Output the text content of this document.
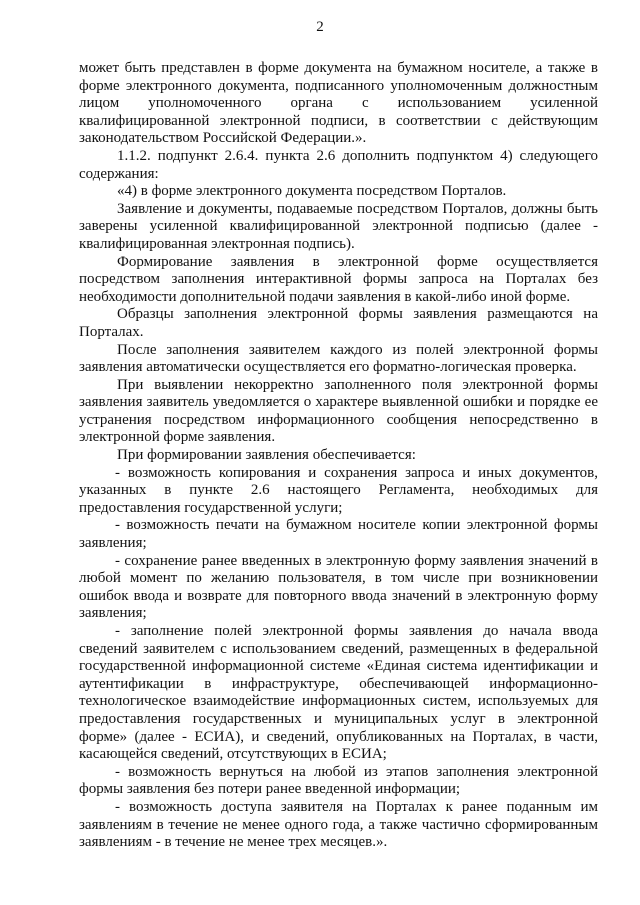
2

может быть представлен в форме документа на бумажном носителе, а также в форме электронного документа, подписанного уполномоченным должностным лицом уполномоченного органа с использованием усиленной квалифицированной электронной подписи, в соответствии с действующим законодательством Российской Федерации.».

1.1.2. подпункт 2.6.4. пункта 2.6 дополнить подпунктом 4) следующего содержания:

«4) в форме электронного документа посредством Порталов.

Заявление и документы, подаваемые посредством Порталов, должны быть заверены усиленной квалифицированной электронной подписью (далее - квалифицированная электронная подпись).

Формирование заявления в электронной форме осуществляется посредством заполнения интерактивной формы запроса на Порталах без необходимости дополнительной подачи заявления в какой-либо иной форме.

Образцы заполнения электронной формы заявления размещаются на Порталах.

После заполнения заявителем каждого из полей электронной формы заявления автоматически осуществляется его форматно-логическая проверка.

При выявлении некорректно заполненного поля электронной формы заявления заявитель уведомляется о характере выявленной ошибки и порядке ее устранения посредством информационного сообщения непосредственно в электронной форме заявления.

При формировании заявления обеспечивается:

- возможность копирования и сохранения запроса и иных документов, указанных в пункте 2.6 настоящего Регламента, необходимых для предоставления государственной услуги;

- возможность печати на бумажном носителе копии электронной формы заявления;

- сохранение ранее введенных в электронную форму заявления значений в любой момент по желанию пользователя, в том числе при возникновении ошибок ввода и возврате для повторного ввода значений в электронную форму заявления;

- заполнение полей электронной формы заявления до начала ввода сведений заявителем с использованием сведений, размещенных в федеральной государственной информационной системе «Единая система идентификации и аутентификации в инфраструктуре, обеспечивающей информационно-технологическое взаимодействие информационных систем, используемых для предоставления государственных и муниципальных услуг в электронной форме» (далее - ЕСИА), и сведений, опубликованных на Порталах, в части, касающейся сведений, отсутствующих в ЕСИА;

- возможность вернуться на любой из этапов заполнения электронной формы заявления без потери ранее введенной информации;

- возможность доступа заявителя на Порталах к ранее поданным им заявлениям в течение не менее одного года, а также частично сформированным заявлениям - в течение не менее трех месяцев.».
